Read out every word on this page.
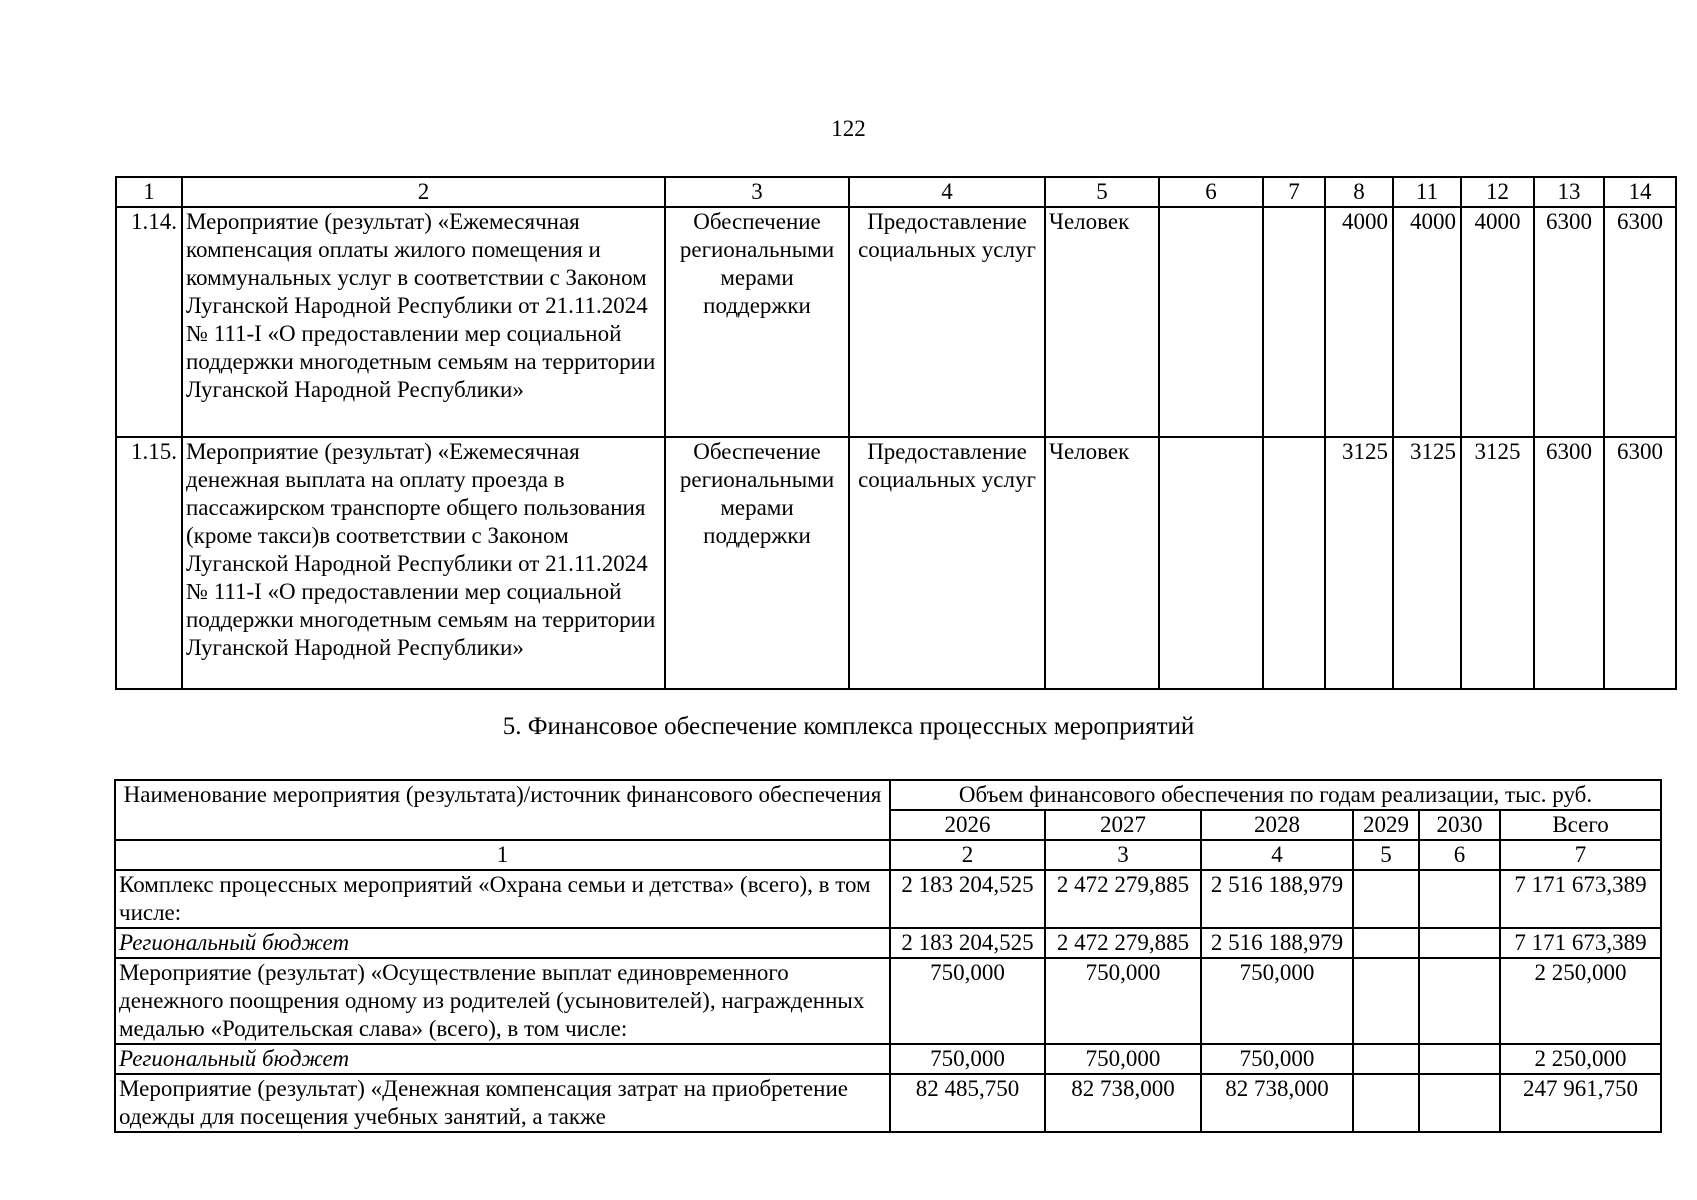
122
1	2	3	4	5	6	7	8	11	12	13	14
1.14.	Мероприятие (результат) «Ежемесячная компенсация оплаты жилого помещения и коммунальных услуг в соответствии с Законом Луганской Народной Республики от 21.11.2024 № 111-I «О предоставлении мер социальной поддержки многодетным семьям на территории Луганской Народной Республики»	Обеспечение региональными мерами поддержки	Предоставление социальных услуг	Человек			4000	4000	4000	6300	6300
1.15.	Мероприятие (результат) «Ежемесячная денежная выплата на оплату проезда в пассажирском транспорте общего пользования (кроме такси)в соответствии с Законом Луганской Народной Республики от 21.11.2024 № 111-I «О предоставлении мер социальной поддержки многодетным семьям на территории Луганской Народной Республики»	Обеспечение региональными мерами поддержки	Предоставление социальных услуг	Человек			3125	3125	3125	6300	6300
5. Финансовое обеспечение комплекса процессных мероприятий
Наименование мероприятия (результата)/источник финансового обеспечения	Объем финансового обеспечения по годам реализации, тыс. руб.					
	2026	2027	2028	2029	2030	Всего
1	2	3	4	5	6	7
Комплекс процессных мероприятий «Охрана семьи и детства» (всего), в том числе:	2 183 204,525	2 472 279,885	2 516 188,979			7 171 673,389
Региональный бюджет	2 183 204,525	2 472 279,885	2 516 188,979			7 171 673,389
Мероприятие (результат) «Осуществление выплат единовременного денежного поощрения одному из родителей (усыновителей), награжденных медалью «Родительская слава» (всего), в том числе:	750,000	750,000	750,000			2 250,000
Региональный бюджет	750,000	750,000	750,000			2 250,000
Мероприятие (результат) «Денежная компенсация затрат на приобретение одежды для посещения учебных занятий, а также	82 485,750	82 738,000	82 738,000			247 961,750
